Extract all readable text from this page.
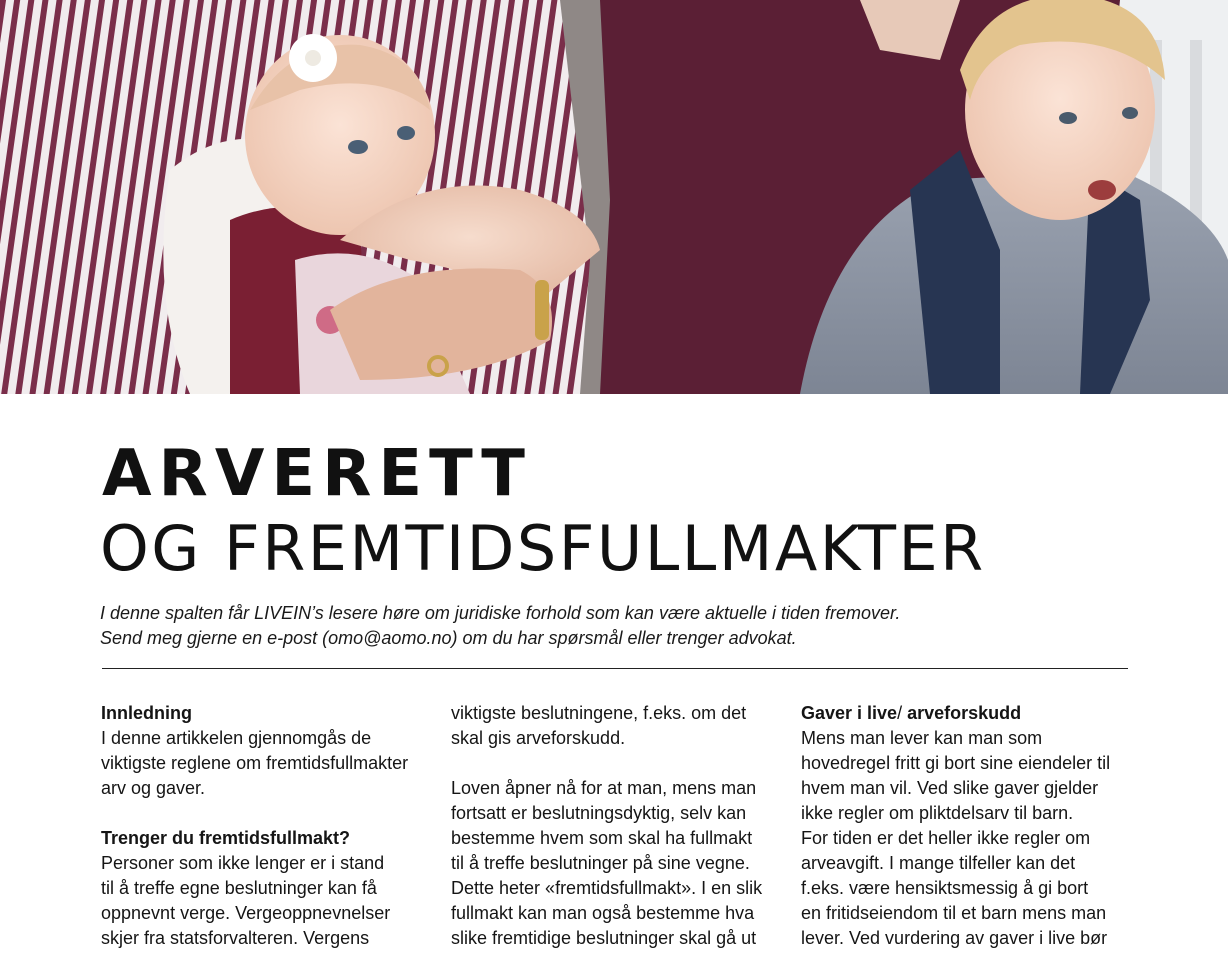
ARVERETT
OG FREMTIDSFULLMAKTER
I denne spalten får LIVEIN’s lesere høre om juridiske forhold som kan være aktuelle i tiden fremover.
Send meg gjerne en e-post (omo@aomo.no) om du har spørsmål eller trenger advokat.
Innledning
I denne artikkelen gjennomgås de
viktigste reglene om fremtidsfullmakter
arv og gaver.
Trenger du fremtidsfullmakt?
Personer som ikke lenger er i stand
til å treffe egne beslutninger kan få
oppnevnt verge. Vergeoppnevnelser
skjer fra statsforvalteren. Vergens
viktigste beslutningene, f.eks. om det
skal gis arveforskudd.
Loven åpner nå for at man, mens man
fortsatt er beslutningsdyktig, selv kan
bestemme hvem som skal ha fullmakt
til å treffe beslutninger på sine vegne.
Dette heter «fremtidsfullmakt». I en slik
fullmakt kan man også bestemme hva
slike fremtidige beslutninger skal gå ut
Gaver i live/ arveforskudd
Mens man lever kan man som
hovedregel fritt gi bort sine eiendeler til
hvem man vil. Ved slike gaver gjelder
ikke regler om pliktdelsarv til barn.
For tiden er det heller ikke regler om
arveavgift. I mange tilfeller kan det
f.eks. være hensiktsmessig å gi bort
en fritidseiendom til et barn mens man
lever. Ved vurdering av gaver i live bør
